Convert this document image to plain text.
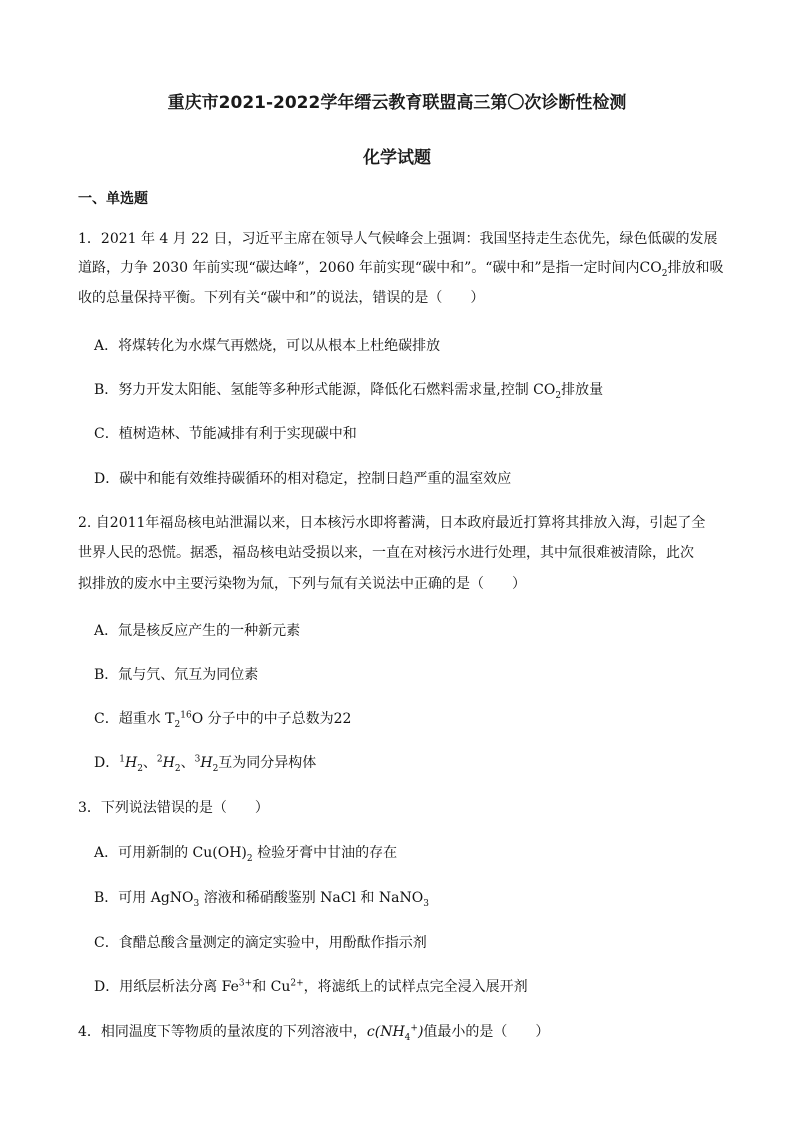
重庆市2021-2022学年缙云教育联盟高三第〇次诊断性检测
化学试题
一、单选题
1．2021 年 4 月 22 日，习近平主席在领导人气候峰会上强调：我国坚持走生态优先，绿色低碳的发展
道路，力争 2030 年前实现“碳达峰”，2060 年前实现“碳中和”。“碳中和”是指一定时间内$CO_2$排放和吸
收的总量保持平衡。下列有关“碳中和”的说法，错误的是（　　）
A．将煤转化为水煤气再燃烧，可以从根本上杜绝碳排放
B．努力开发太阳能、氢能等多种形式能源，降低化石燃料需求量,控制 $CO_2$排放量
C．植树造林、节能减排有利于实现碳中和
D．碳中和能有效维持碳循环的相对稳定，控制日趋严重的温室效应
2. 自2011年福岛核电站泄漏以来，日本核污水即将蓄满，日本政府最近打算将其排放入海，引起了全
世界人民的恐慌。据悉，福岛核电站受损以来，一直在对核污水进行处理，其中氚很难被清除，此次
拟排放的废水中主要污染物为氚，下列与氚有关说法中正确的是（　　）
A．氚是核反应产生的一种新元素
B．氚与氕、氘互为同位素
C．超重水 $T_2^{16}O$ 分子中的中子总数为22
D．$^1H_2$、$^2H_2$、$^3H_2$互为同分异构体
3．下列说法错误的是（　　）
A．可用新制的 $Cu(OH)_2$ 检验牙膏中甘油的存在
B．可用 AgNO$_3$ 溶液和稀硝酸鉴别 NaCl 和 NaNO$_3$
C．食醋总酸含量测定的滴定实验中，用酚酞作指示剂
D．用纸层析法分离 $Fe^{3+}$和 $Cu^{2+}$，将滤纸上的试样点完全浸入展开剂
4．相同温度下等物质的量浓度的下列溶液中，$c(NH_4^+)$值最小的是（　　）
